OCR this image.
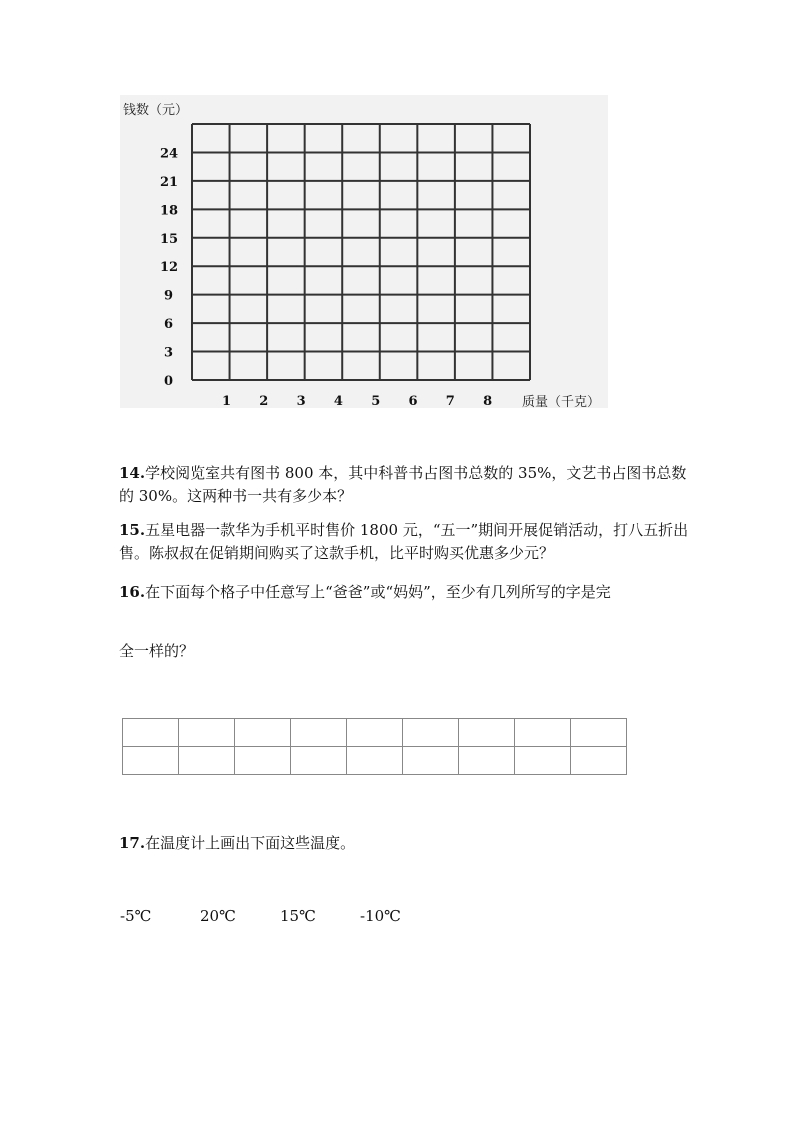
0
3
6
9
12
15
18
21
24
1 2 3 4 5 6 7 8
钱数（元）
质量（千克）
14.学校阅览室共有图书 800 本，其中科普书占图书总数的 35%，文艺书占图书总数的 30%。这两种书一共有多少本？
15.五星电器一款华为手机平时售价 1800 元，“五一”期间开展促销活动，打八五折出售。陈叔叔在促销期间购买了这款手机，比平时购买优惠多少元？
16.在下面每个格子中任意写上“爸爸”或“妈妈”，至少有几列所写的字是完
全一样的？

17.在温度计上画出下面这些温度。
-5℃	20℃	15℃	-10℃
